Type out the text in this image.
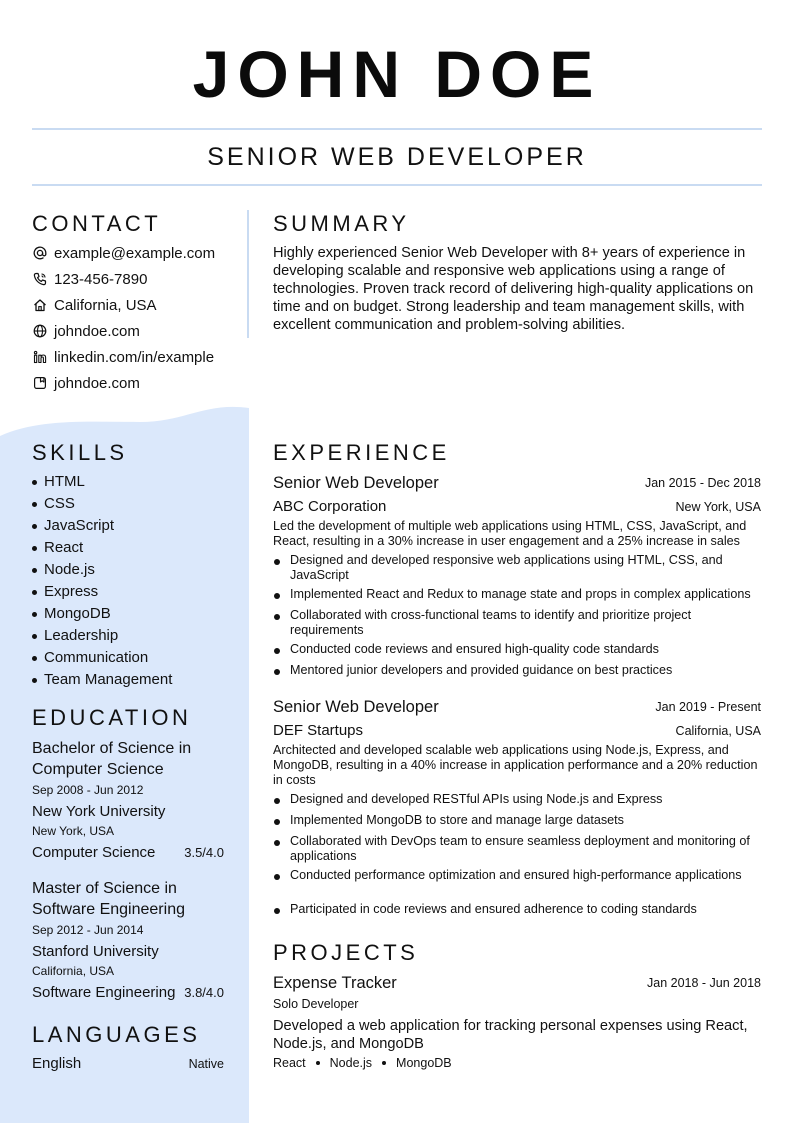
JOHN DOE
SENIOR WEB DEVELOPER
CONTACT
example@example.com
123-456-7890
California, USA
johndoe.com
linkedin.com/in/example
johndoe.com
SUMMARY
Highly experienced Senior Web Developer with 8+ years of experience in developing scalable and responsive web applications using a range of technologies. Proven track record of delivering high-quality applications on time and on budget. Strong leadership and team management skills, with excellent communication and problem-solving abilities.
SKILLS
HTML
CSS
JavaScript
React
Node.js
Express
MongoDB
Leadership
Communication
Team Management
EDUCATION
Bachelor of Science in Computer Science
Sep 2008 - Jun 2012
New York University
New York, USA
Computer Science 3.5/4.0
Master of Science in Software Engineering
Sep 2012 - Jun 2014
Stanford University
California, USA
Software Engineering 3.8/4.0
LANGUAGES
English	Native
EXPERIENCE
Senior Web Developer	Jan 2015 - Dec 2018
ABC Corporation	New York, USA
Led the development of multiple web applications using HTML, CSS, JavaScript, and React, resulting in a 30% increase in user engagement and a 25% increase in sales
Designed and developed responsive web applications using HTML, CSS, and JavaScript
Implemented React and Redux to manage state and props in complex applications
Collaborated with cross-functional teams to identify and prioritize project requirements
Conducted code reviews and ensured high-quality code standards
Mentored junior developers and provided guidance on best practices
Senior Web Developer	Jan 2019 - Present
DEF Startups	California, USA
Architected and developed scalable web applications using Node.js, Express, and MongoDB, resulting in a 40% increase in application performance and a 20% reduction in costs
Designed and developed RESTful APIs using Node.js and Express
Implemented MongoDB to store and manage large datasets
Collaborated with DevOps team to ensure seamless deployment and monitoring of applications
Conducted performance optimization and ensured high-performance applications
Participated in code reviews and ensured adherence to coding standards
PROJECTS
Expense Tracker	Jan 2018 - Jun 2018
Solo Developer
Developed a web application for tracking personal expenses using React, Node.js, and MongoDB
React Node.js MongoDB
